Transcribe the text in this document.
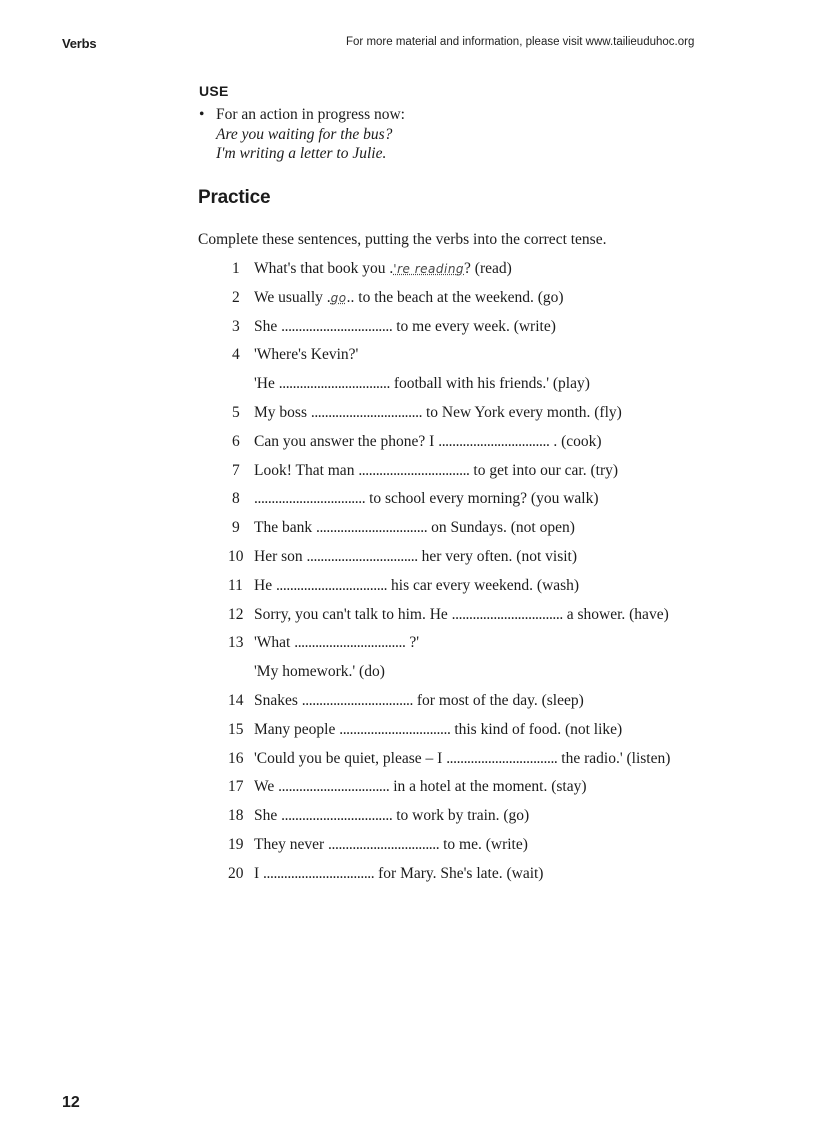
Verbs	For more material and information, please visit www.tailieuduhoc.org
USE
• For an action in progress now:
Are you waiting for the bus?
I'm writing a letter to Julie.
Practice
Complete these sentences, putting the verbs into the correct tense.
1 What's that book you .'re reading? (read)
2 We usually .go.. to the beach at the weekend. (go)
3 She ................................ to me every week. (write)
4 'Where's Kevin?'
'He ................................ football with his friends.' (play)
5 My boss ................................ to New York every month. (fly)
6 Can you answer the phone? I ................................ . (cook)
7 Look! That man ................................ to get into our car. (try)
8 ................................ to school every morning? (you walk)
9 The bank ................................ on Sundays. (not open)
10 Her son ................................ her very often. (not visit)
11 He ................................ his car every weekend. (wash)
12 Sorry, you can't talk to him. He ................................ a shower. (have)
13 'What ................................ ?'
'My homework.' (do)
14 Snakes ................................ for most of the day. (sleep)
15 Many people ................................ this kind of food. (not like)
16 'Could you be quiet, please – I ................................ the radio.' (listen)
17 We ................................ in a hotel at the moment. (stay)
18 She ................................ to work by train. (go)
19 They never ................................ to me. (write)
20 I ................................ for Mary. She's late. (wait)
12
